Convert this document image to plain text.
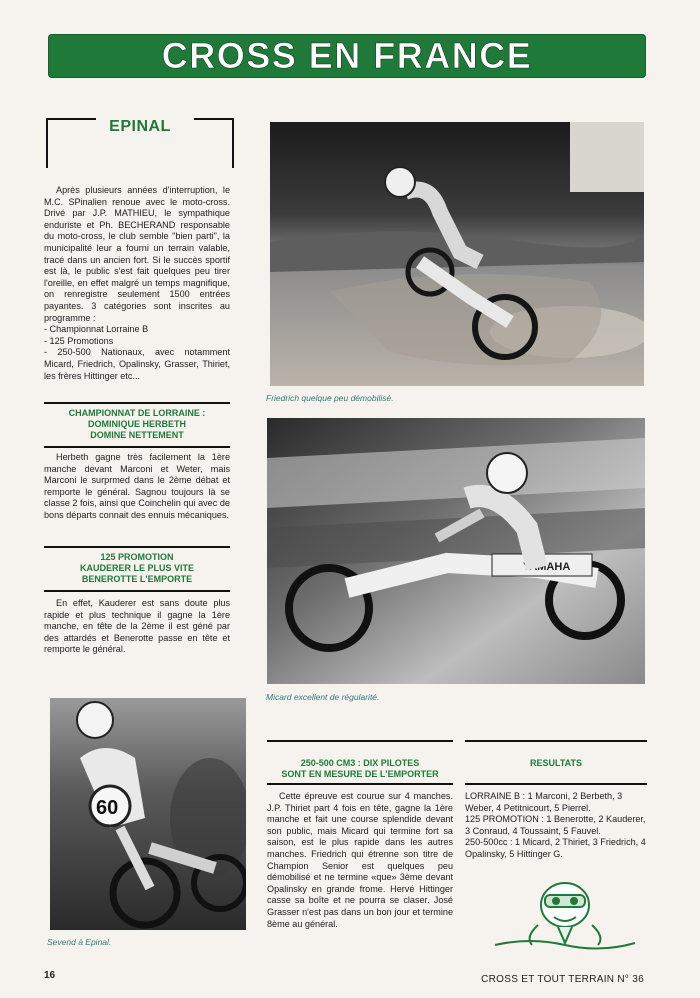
CROSS EN FRANCE
EPINAL

Après plusieurs années d'interruption, le M.C. SPinalien renoue avec le moto-cross. Drivé par J.P. MATHIEU, le sympathique enduriste et Ph. BECHERAND responsable du moto-cross, le club semble "bien parti", la municipalité leur a fourni un terrain valable, tracé dans un ancien fort. Si le succès sportif est là, le public s'est fait quelques peu tirer l'oreille, en effet malgré un temps magnifique, on renregistre seulement 1500 entrées payantes. 3 catégories sont inscrites au programme :

- Championnat Lorraine B
- 125 Promotions
- 250-500 Nationaux, avec notamment Micard, Friedrich, Opalinsky, Grasser, Thiriet, les frères Hittinger etc...
CHAMPIONNAT DE LORRAINE :
DOMINIQUE HERBETH
DOMINE NETTEMENT

Herbeth gagne très facilement la 1ère manche devant Marconi et Weter, mais Marconi le surprmed dans le 2ème débat et remporte le général. Sagnou toujours là se classe 2 fois, ainsi que Coinchelin qui avec de bons départs connait des ennuis mécaniques.

125 PROMOTION
KAUDERER LE PLUS VITE
BENEROTTE L'EMPORTE

En effet, Kauderer est sans doute plus rapide et plus technique il gagne la 1ère manche, en tête de la 2ème il est géné par des attardés et Benerotte passe en tête et remporte le général.

Friedrich quelque peu démobilisé.
YAMAHA
Micard excellent de régularité.
60
Sevend à Epinal.
250-500 CM3 : DIX PILOTES
SONT EN MESURE DE L'EMPORTER

Cette épreuve est courue sur 4 manches. J.P. Thiriet part 4 fois en tête, gagne la 1ère manche et fait une course splendide devant son public, mais Micard qui termine fort sa saison, est le plus rapide dans les autres manches. Friedrich qui étrenne son titre de Champion Senior est quelques peu démobilisé et ne termine «que» 3ème devant Opalinsky en grande frome. Hervé Hittinger casse sa boîte et ne pourra se claser. José Grasser n'est pas dans un bon jour et termine 8ème au général.

RESULTATS
LORRAINE B : 1 Marconi, 2 Berbeth, 3 Weber, 4 Petitnicourt, 5 Pierrel.
125 PROMOTION : 1 Benerotte, 2 Kauderer, 3 Conraud, 4 Toussaint, 5 Fauvel.
250-500cc : 1 Micard, 2 Thiriet, 3 Friedrich, 4 Opalinsky, 5 Hittinger G.
16	CROSS ET TOUT TERRAIN N° 36
